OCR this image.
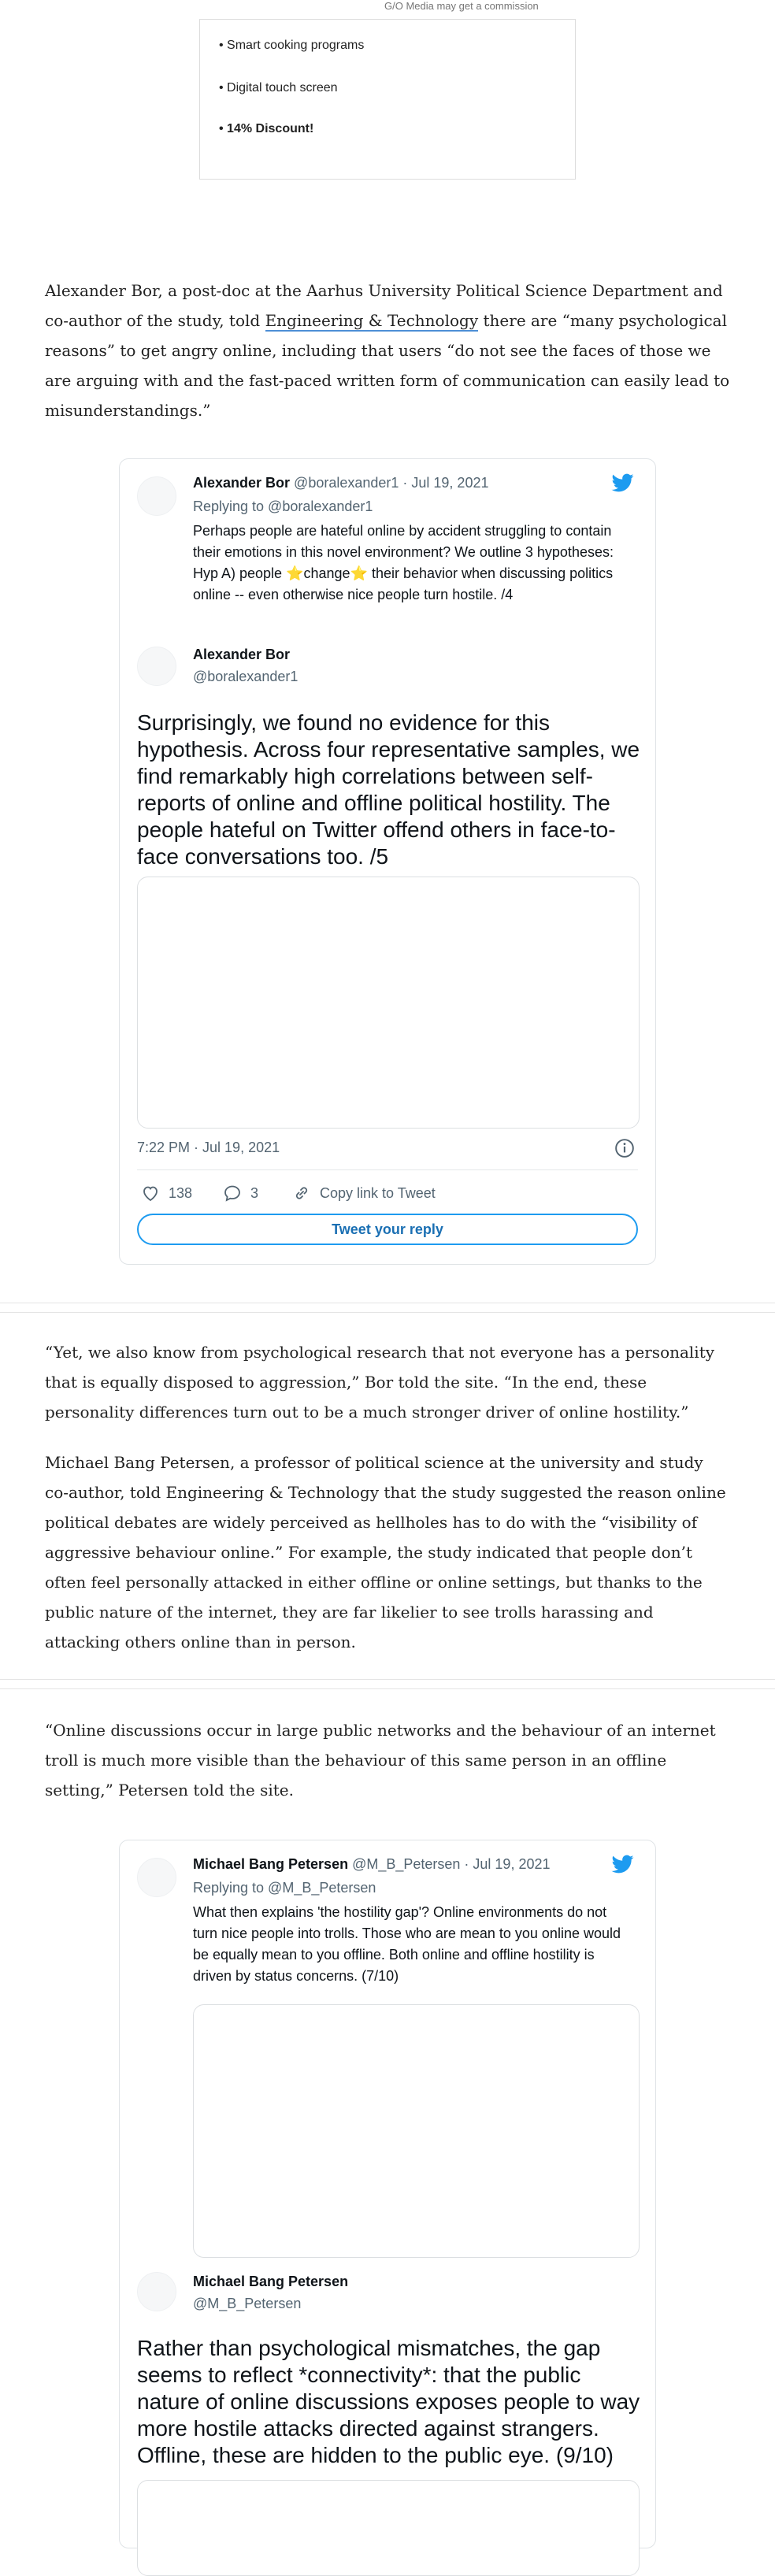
G/O Media may get a commission
• Smart cooking programs
• Digital touch screen
• 14% Discount!
Alexander Bor, a post-doc at the Aarhus University Political Science Department and co-author of the study, told Engineering & Technology there are “many psychological reasons” to get angry online, including that users “do not see the faces of those we are arguing with and the fast-paced written form of communication can easily lead to misunderstandings.”
Alexander Bor @boralexander1 · Jul 19, 2021
Replying to @boralexander1
Perhaps people are hateful online by accident struggling to contain their emotions in this novel environment? We outline 3 hypotheses: Hyp A) people ⭐change⭐ their behavior when discussing politics online -- even otherwise nice people turn hostile. /4
Alexander Bor
@boralexander1
Surprisingly, we found no evidence for this hypothesis. Across four representative samples, we find remarkably high correlations between self-reports of online and offline political hostility. The people hateful on Twitter offend others in face-to-face conversations too. /5
7:22 PM · Jul 19, 2021
138	3	Copy link to Tweet
Tweet your reply
“Yet, we also know from psychological research that not everyone has a personality that is equally disposed to aggression,” Bor told the site. “In the end, these personality differences turn out to be a much stronger driver of online hostility.”
Michael Bang Petersen, a professor of political science at the university and study co-author, told Engineering & Technology that the study suggested the reason online political debates are widely perceived as hellholes has to do with the “visibility of aggressive behaviour online.” For example, the study indicated that people don’t often feel personally attacked in either offline or online settings, but thanks to the public nature of the internet, they are far likelier to see trolls harassing and attacking others online than in person.
“Online discussions occur in large public networks and the behaviour of an internet troll is much more visible than the behaviour of this same person in an offline setting,” Petersen told the site.
Michael Bang Petersen @M_B_Petersen · Jul 19, 2021
Replying to @M_B_Petersen
What then explains 'the hostility gap'? Online environments do not turn nice people into trolls. Those who are mean to you online would be equally mean to you offline. Both online and offline hostility is driven by status concerns. (7/10)
Michael Bang Petersen
@M_B_Petersen
Rather than psychological mismatches, the gap seems to reflect *connectivity*: that the public nature of online discussions exposes people to way more hostile attacks directed against strangers. Offline, these are hidden to the public eye. (9/10)
